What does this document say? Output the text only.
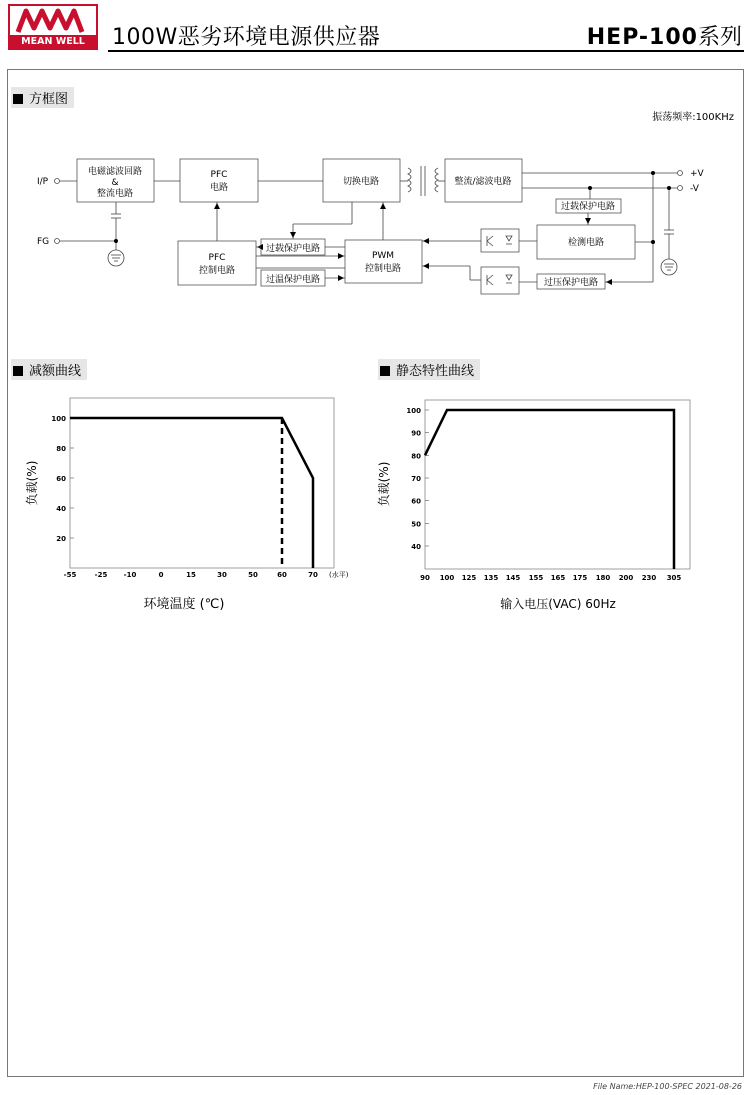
MEAN WELL	100W恶劣环境电源供应器	HEP-100系列
方框图
振荡频率:100KHz
电磁滤波回路
&
整流电路
PFC
电路
切换电路	整流/滤波电路
过载保护电路
PFC
控制电路
过载保护电路
过温保护电路
PWM
控制电路
检测电路
过压保护电路
I/P
FG
+V
-V
减额曲线
负载(%)
环境温度 (℃)
(水平)
100
80
60
40
20
-55	-25 -10	0	15	30	50	60	70
静态特性曲线
负载(%)
输入电压(VAC) 60Hz
100
90
80
70
60
50
40
90 100 125 135 145 155 165 175 180 200 230 305
File Name:HEP-100-SPEC 2021-08-26
